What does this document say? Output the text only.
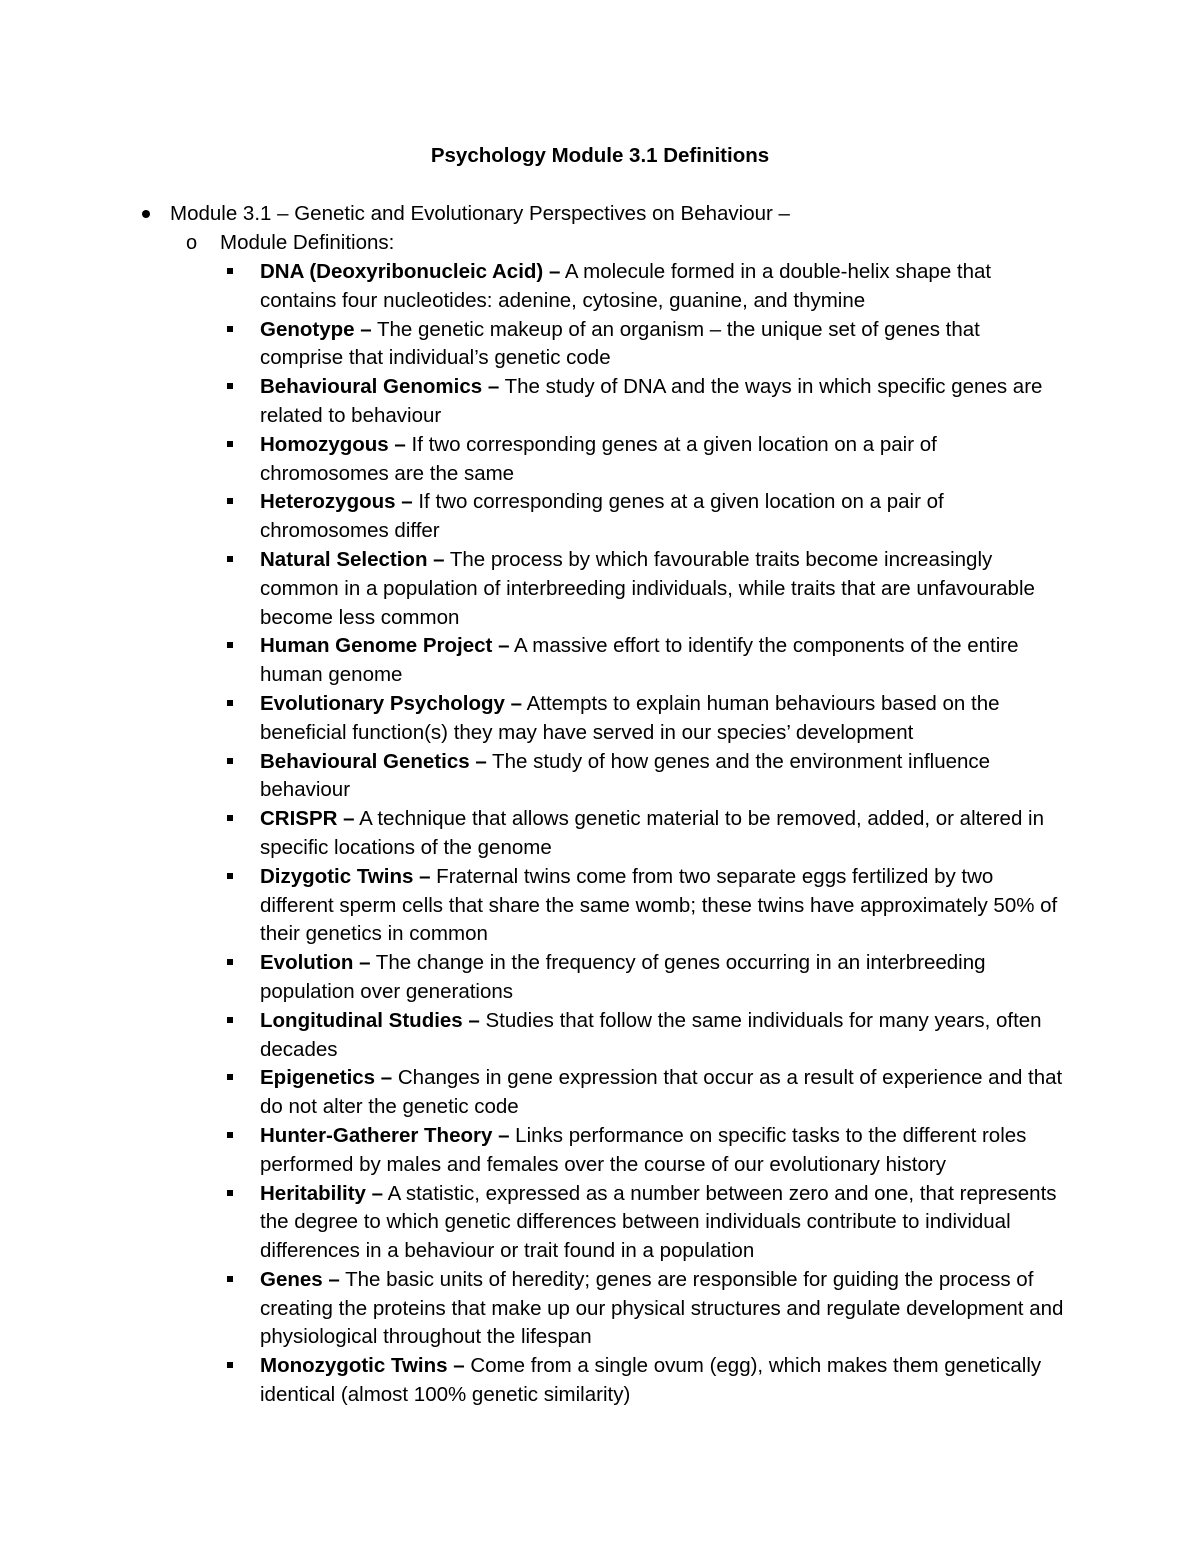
Psychology Module 3.1 Definitions
Module 3.1 – Genetic and Evolutionary Perspectives on Behaviour –
o Module Definitions:
DNA (Deoxyribonucleic Acid) – A molecule formed in a double-helix shape that contains four nucleotides: adenine, cytosine, guanine, and thymine
Genotype – The genetic makeup of an organism – the unique set of genes that comprise that individual’s genetic code
Behavioural Genomics – The study of DNA and the ways in which specific genes are related to behaviour
Homozygous – If two corresponding genes at a given location on a pair of chromosomes are the same
Heterozygous – If two corresponding genes at a given location on a pair of chromosomes differ
Natural Selection – The process by which favourable traits become increasingly common in a population of interbreeding individuals, while traits that are unfavourable become less common
Human Genome Project – A massive effort to identify the components of the entire human genome
Evolutionary Psychology – Attempts to explain human behaviours based on the beneficial function(s) they may have served in our species’ development
Behavioural Genetics – The study of how genes and the environment influence behaviour
CRISPR – A technique that allows genetic material to be removed, added, or altered in specific locations of the genome
Dizygotic Twins – Fraternal twins come from two separate eggs fertilized by two different sperm cells that share the same womb; these twins have approximately 50% of their genetics in common
Evolution – The change in the frequency of genes occurring in an interbreeding population over generations
Longitudinal Studies – Studies that follow the same individuals for many years, often decades
Epigenetics – Changes in gene expression that occur as a result of experience and that do not alter the genetic code
Hunter-Gatherer Theory – Links performance on specific tasks to the different roles performed by males and females over the course of our evolutionary history
Heritability – A statistic, expressed as a number between zero and one, that represents the degree to which genetic differences between individuals contribute to individual differences in a behaviour or trait found in a population
Genes – The basic units of heredity; genes are responsible for guiding the process of creating the proteins that make up our physical structures and regulate development and physiological throughout the lifespan
Monozygotic Twins – Come from a single ovum (egg), which makes them genetically identical (almost 100% genetic similarity)
